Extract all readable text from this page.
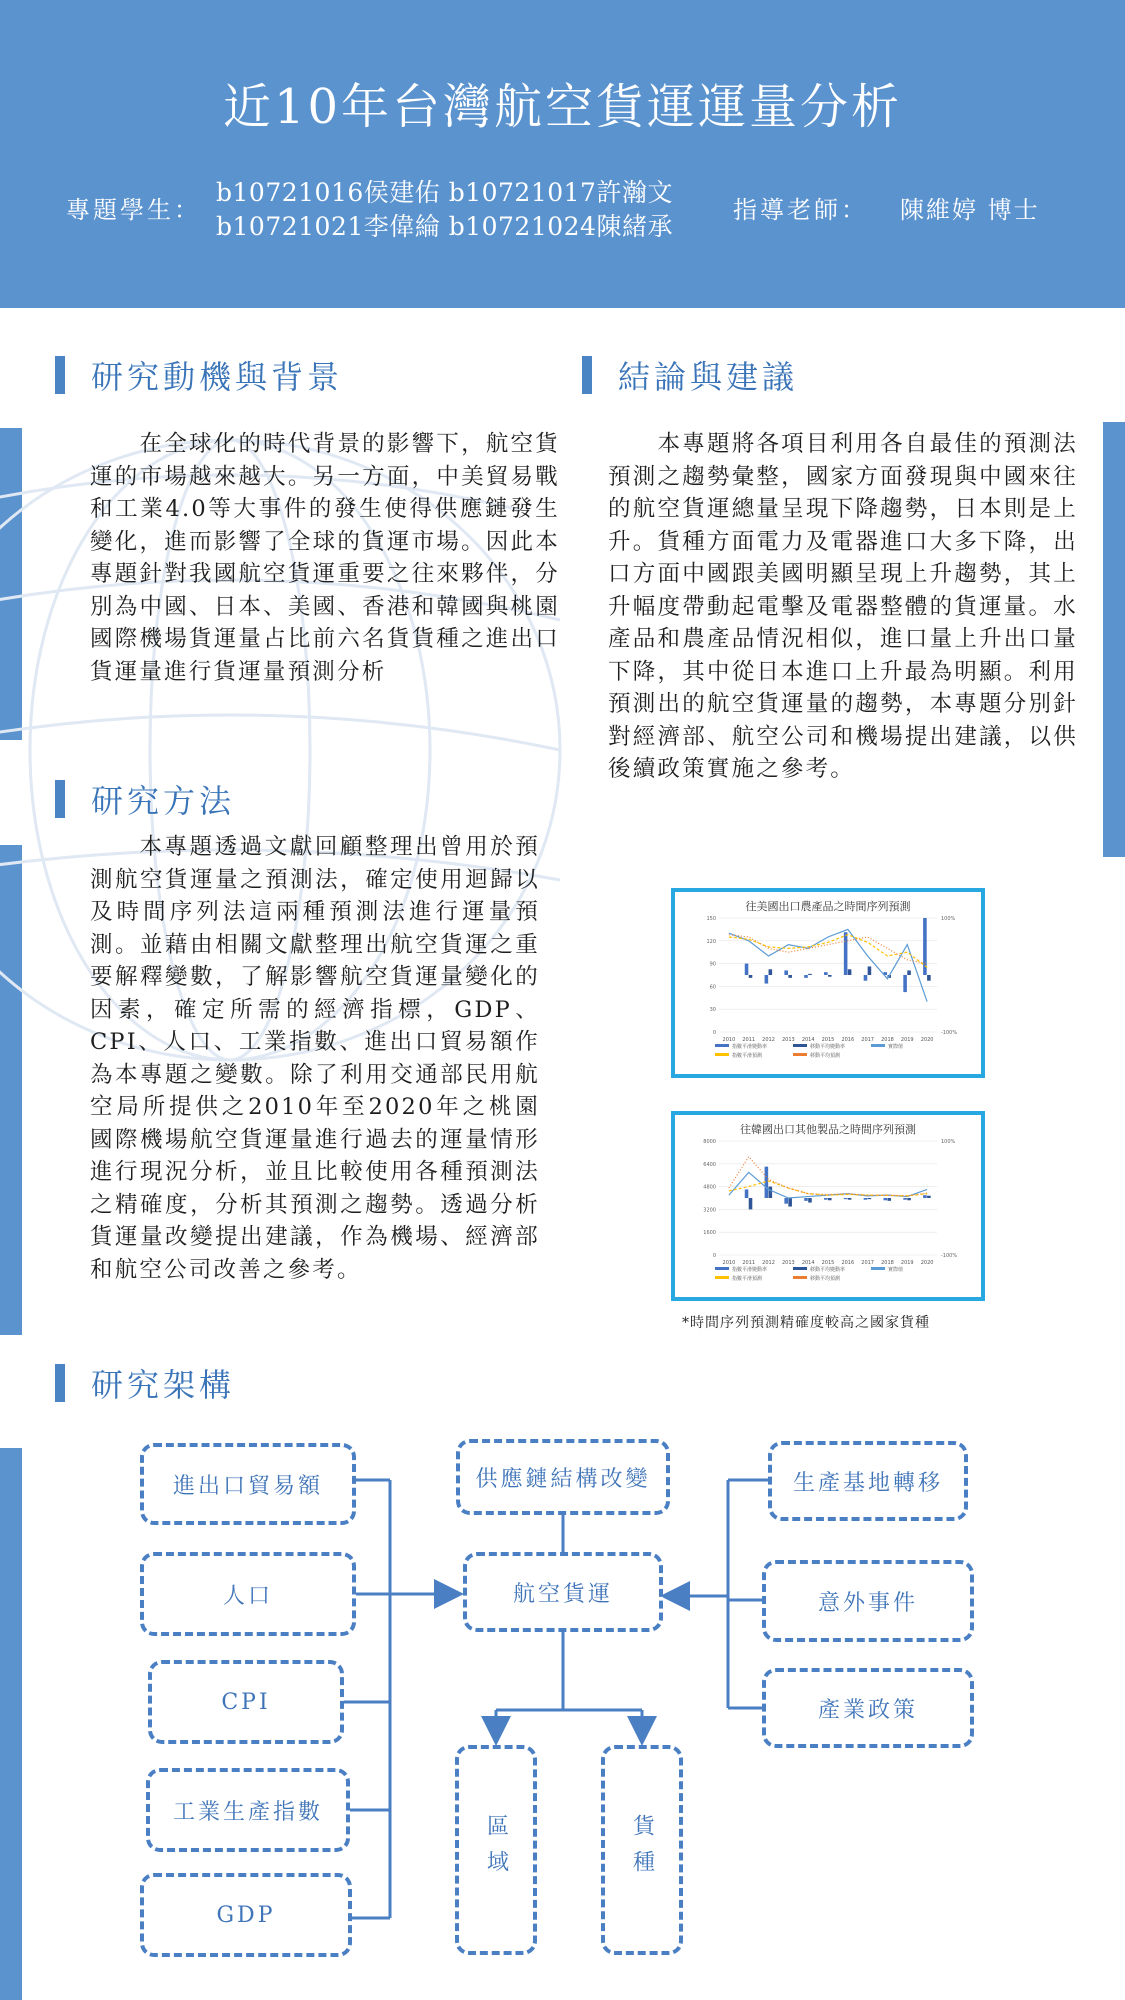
近10年台灣航空貨運運量分析
專題學生：
b10721016侯建佑 b10721017許瀚文
b10721021李偉綸 b10721024陳緒承
指導老師： 陳維婷 博士
研究動機與背景
在全球化的時代背景的影響下，航空貨運的市場越來越大。另一方面，中美貿易戰和工業4.0等大事件的發生使得供應鏈發生變化，進而影響了全球的貨運市場。因此本專題針對我國航空貨運重要之往來夥伴，分別為中國、日本、美國、香港和韓國與桃園國際機場貨運量占比前六名貨貨種之進出口貨運量進行貨運量預測分析
研究方法
本專題透過文獻回顧整理出曾用於預測航空貨運量之預測法，確定使用迴歸以及時間序列法這兩種預測法進行運量預測。並藉由相關文獻整理出航空貨運之重要解釋變數，了解影響航空貨運量變化的因素，確定所需的經濟指標，GDP、CPI、人口、工業指數、進出口貿易額作為本專題之變數。除了利用交通部民用航空局所提供之2010年至2020年之桃園國際機場航空貨運量進行過去的運量情形進行現況分析，並且比較使用各種預測法之精確度，分析其預測之趨勢。透過分析貨運量改變提出建議，作為機場、經濟部和航空公司改善之參考。
結論與建議
本專題將各項目利用各自最佳的預測法預測之趨勢彙整，國家方面發現與中國來往的航空貨運總量呈現下降趨勢，日本則是上升。貨種方面電力及電器進口大多下降，出口方面中國跟美國明顯呈現上升趨勢，其上升幅度帶動起電擊及電器整體的貨運量。水產品和農產品情況相似，進口量上升出口量下降，其中從日本進口上升最為明顯。利用預測出的航空貨運量的趨勢，本專題分別針對經濟部、航空公司和機場提出建議，以供後續政策實施之參考。
往美國出口農產品之時間序列預測
0
30
60
90
120
150	100%
-100%
2010 2011 2012 2013 2014 2015 2016 2017 2018 2019 2020
指數平滑變動率	移動平均變動率	實際值
指數平滑預測	移動平均預測
往韓國出口其他製品之時間序列預測
0
1600
3200
4800
6400
8000	100%
-100%
2010 2011 2012 2013 2014 2015 2016 2017 2018 2019 2020
指數平滑變動率	移動平均變動率	實際值
指數平滑預測	移動平均預測
*時間序列預測精確度較高之國家貨種
研究架構
進出口貿易額
人口
CPI
工業生產指數
GDP
供應鏈結構改變
航空貨運
生產基地轉移
意外事件
產業政策
區域	貨種
